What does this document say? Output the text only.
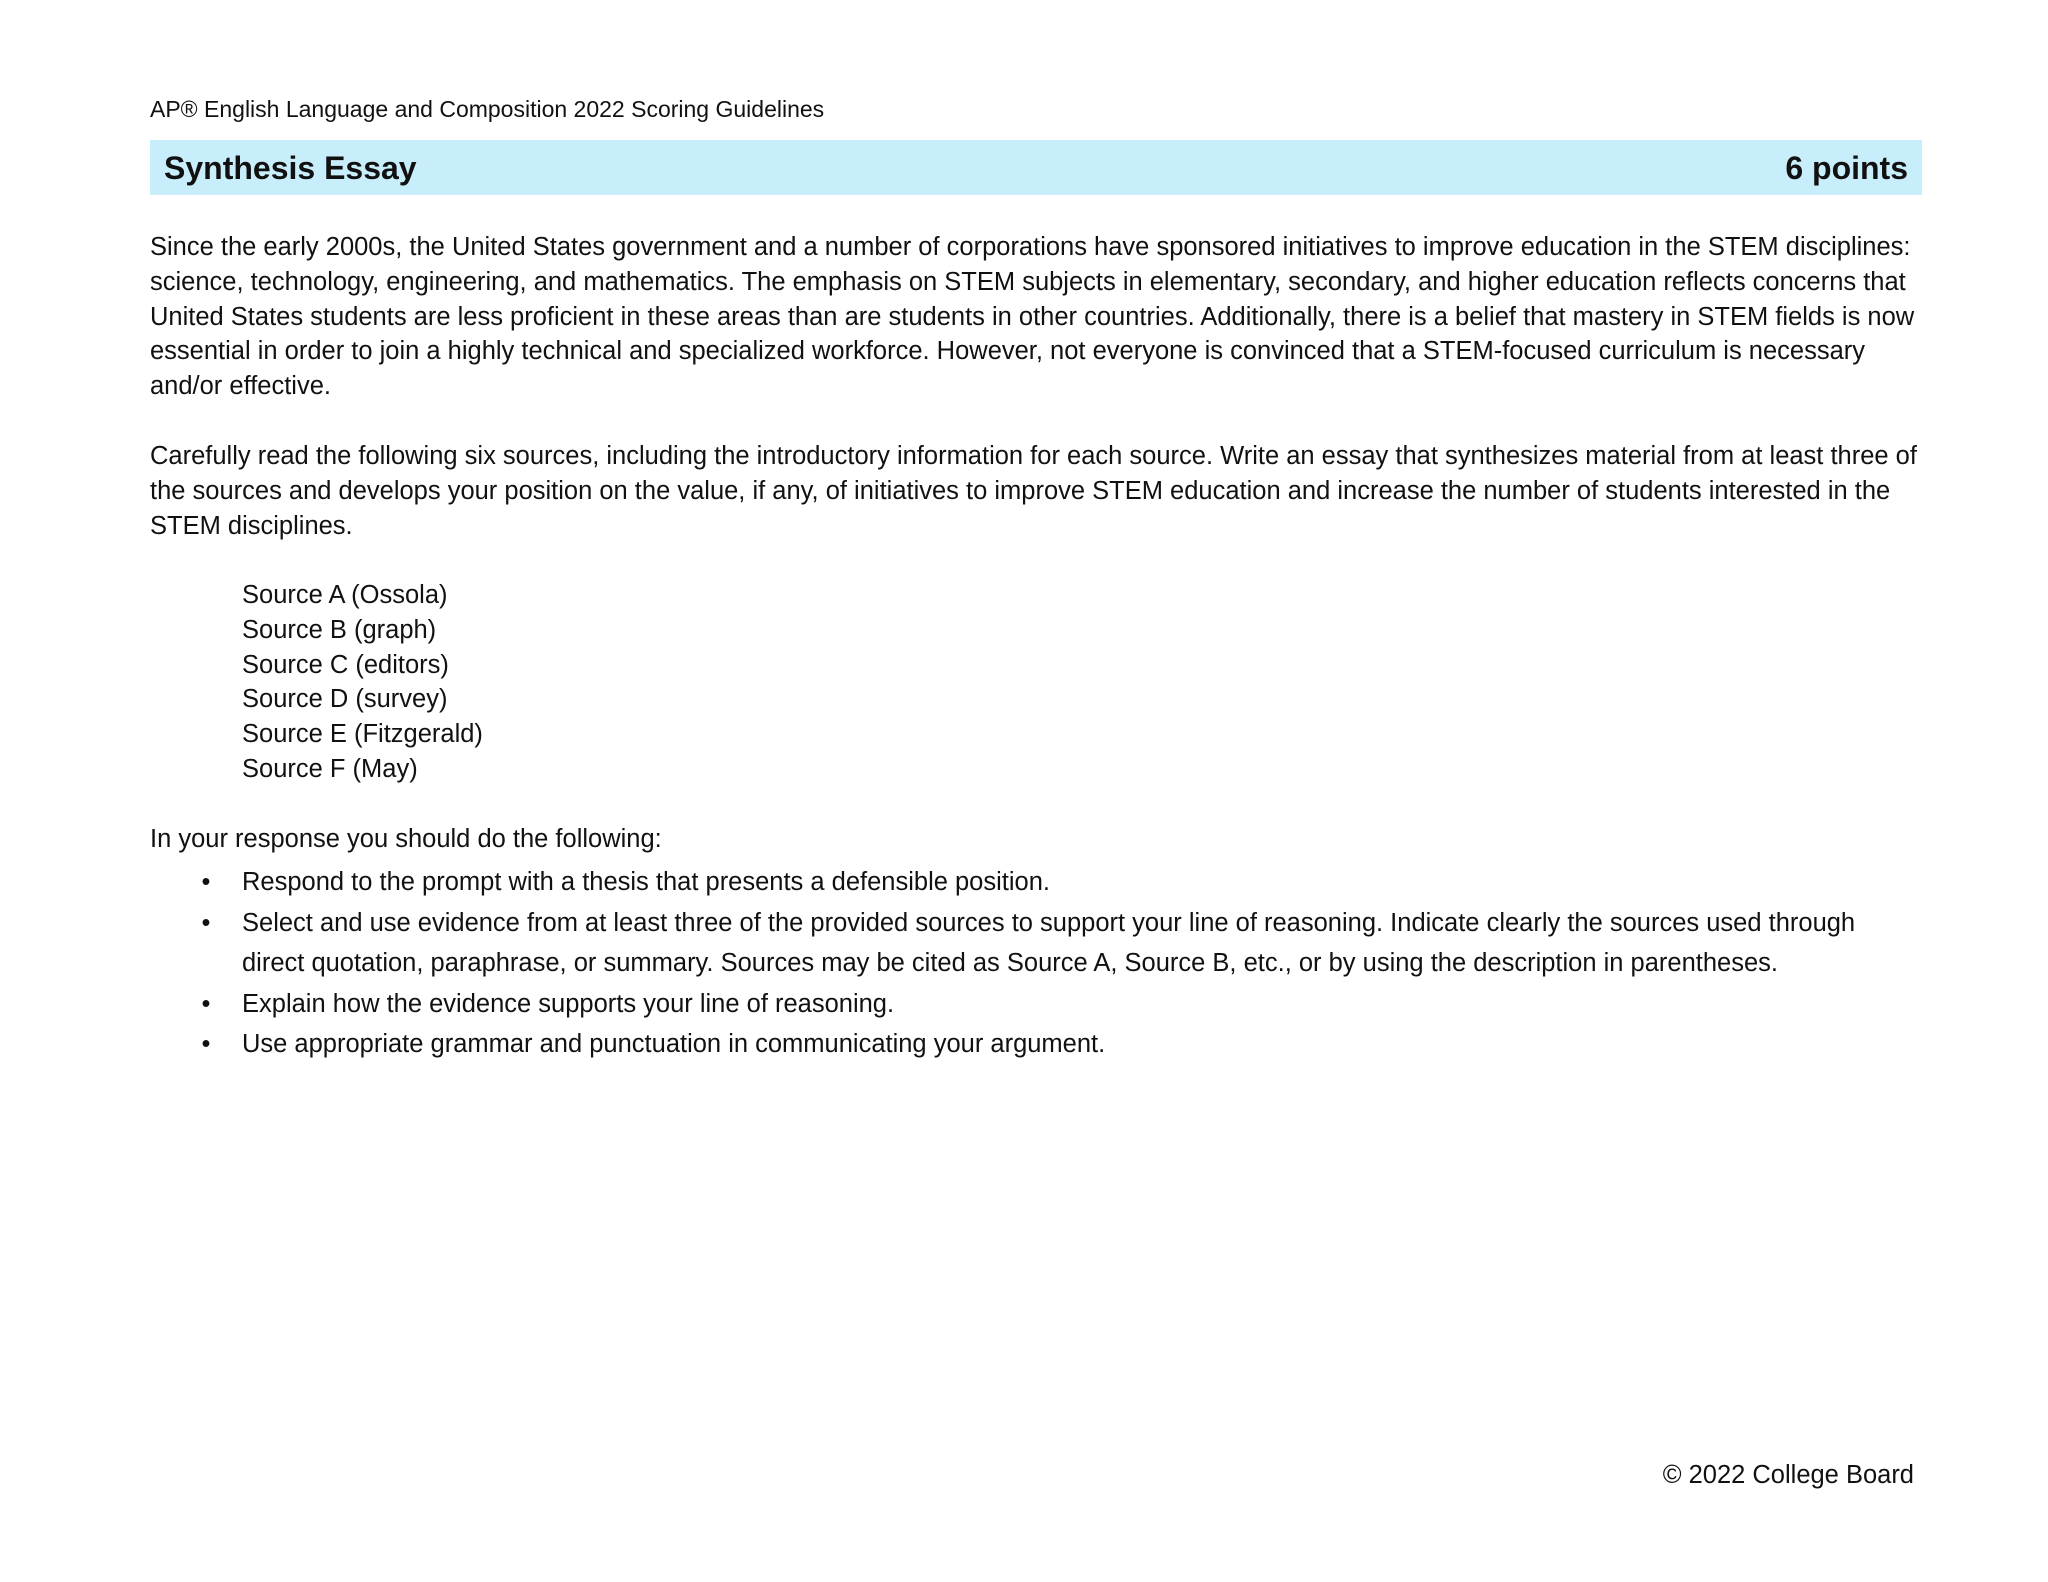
AP® English Language and Composition 2022 Scoring Guidelines
Synthesis Essay	6 points

Since the early 2000s, the United States government and a number of corporations have sponsored initiatives to improve education in the STEM disciplines: science, technology, engineering, and mathematics. The emphasis on STEM subjects in elementary, secondary, and higher education reflects concerns that United States students are less proficient in these areas than are students in other countries. Additionally, there is a belief that mastery in STEM fields is now essential in order to join a highly technical and specialized workforce. However, not everyone is convinced that a STEM-focused curriculum is necessary and/or effective.

Carefully read the following six sources, including the introductory information for each source. Write an essay that synthesizes material from at least three of the sources and develops your position on the value, if any, of initiatives to improve STEM education and increase the number of students interested in the STEM disciplines.

Source A (Ossola)
Source B (graph)
Source C (editors)
Source D (survey)
Source E (Fitzgerald)
Source F (May)
In your response you should do the following:
• Respond to the prompt with a thesis that presents a defensible position.
• Select and use evidence from at least three of the provided sources to support your line of reasoning. Indicate clearly the sources used through direct quotation, paraphrase, or summary. Sources may be cited as Source A, Source B, etc., or by using the description in parentheses.
• Explain how the evidence supports your line of reasoning.
• Use appropriate grammar and punctuation in communicating your argument.
© 2022 College Board
